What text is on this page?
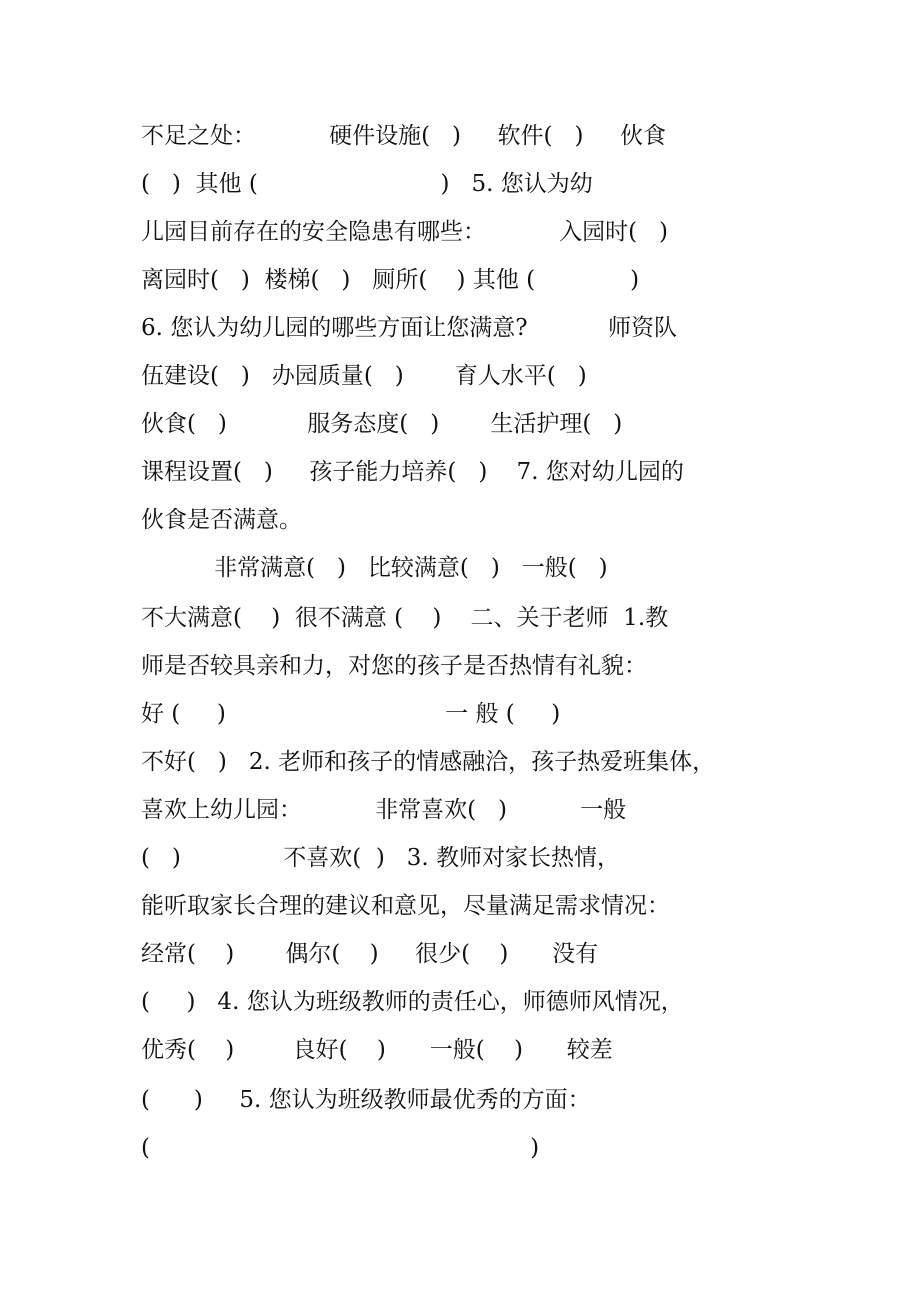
不足之处：          硬件设施(   )     软件(   )     伙食
(   )  其他 (                         )   5. 您认为幼
儿园目前存在的安全隐患有哪些：          入园时(   )
离园时(   )  楼梯(   )   厕所(    ) 其他 (             )
6. 您认为幼儿园的哪些方面让您满意?           师资队
伍建设(   )   办园质量(   )       育人水平(   )
伙食(   )           服务态度(   )       生活护理(   )
课程设置(   )     孩子能力培养(   )    7. 您对幼儿园的
伙食是否满意。
非常满意(   )   比较满意(   )   一般(   )
不大满意(    )  很不满意 (    )    二、关于老师  1.教
师是否较具亲和力，对您的孩子是否热情有礼貌：
好 (     )                              一 般 (     )
不好(   )   2. 老师和孩子的情感融洽，孩子热爱班集体，
喜欢上幼儿园：          非常喜欢(   )          一般
(   )              不喜欢(  )   3. 教师对家长热情，
能听取家长合理的建议和意见，尽量满足需求情况：
经常(    )       偶尔(    )     很少(    )      没有
(     )   4. 您认为班级教师的责任心，师德师风情况，
优秀(    )        良好(    )      一般(    )      较差
(      )     5. 您认为班级教师最优秀的方面：
(                                                    )
